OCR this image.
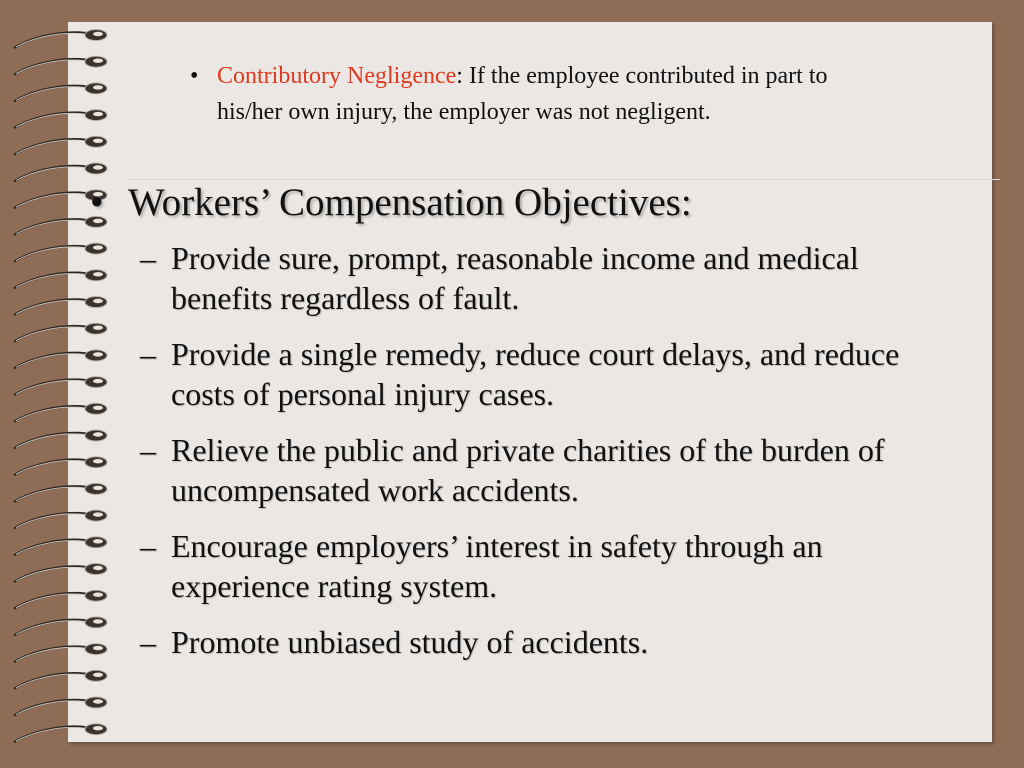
• Contributory Negligence: If the employee contributed in part to his/her own injury, the employer was not negligent.
• Workers’ Compensation Objectives:
– Provide sure, prompt, reasonable income and medical benefits regardless of fault.
– Provide a single remedy, reduce court delays, and reduce costs of personal injury cases.
– Relieve the public and private charities of the burden of uncompensated work accidents.
– Encourage employers’ interest in safety through an experience rating system.
– Promote unbiased study of accidents.
